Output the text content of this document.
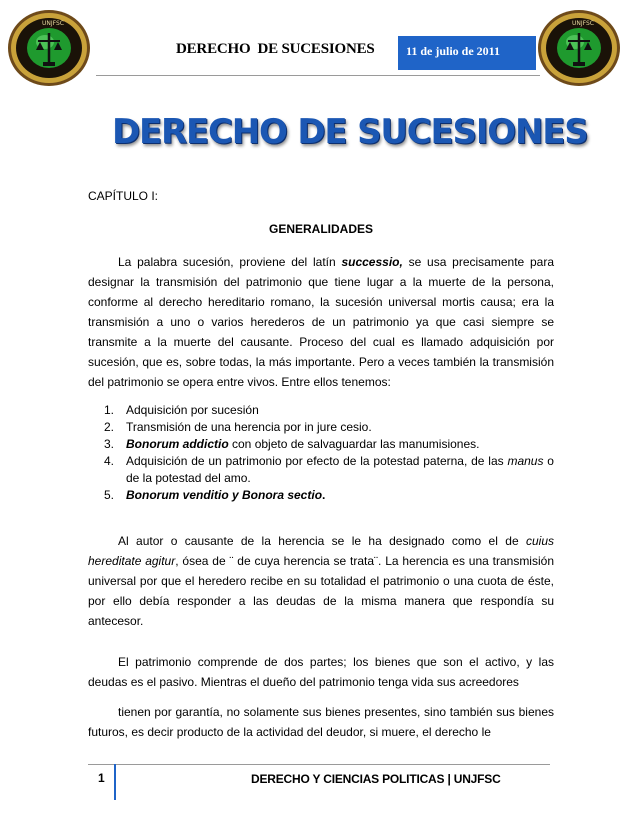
UNJFSC
DERECHO  DE SUCESIONES	11 de julio de 2011
UNJFSC
DERECHO DE SUCESIONES
CAPÍTULO I:
GENERALIDADES

La palabra sucesión, proviene del latín successio, se usa precisamente para designar la transmisión del patrimonio que tiene lugar a la muerte de la persona, conforme al derecho hereditario romano, la sucesión universal mortis causa; era la transmisión a uno o varios herederos de un patrimonio ya que casi siempre se transmite a la muerte del causante. Proceso del cual es llamado adquisición por sucesión, que es, sobre todas, la más importante. Pero a veces también la transmisión del patrimonio se opera entre vivos. Entre ellos tenemos:

1. Adquisición por sucesión
2. Transmisión de una herencia por in jure cesio.
3. Bonorum addictio con objeto de salvaguardar las manumisiones.
4. Adquisición de un patrimonio por efecto de la potestad paterna, de las manus o de la potestad del amo.
5. Bonorum venditio y Bonora sectio.

Al autor o causante de la herencia se le ha designado como el de cuius hereditate agitur, ósea de ¨ de cuya herencia se trata¨. La herencia es una transmisión universal por que el heredero recibe en su totalidad el patrimonio o una cuota de éste, por ello debía responder a las deudas de la misma manera que respondía su antecesor.

El patrimonio comprende de dos partes; los bienes que son el activo, y las deudas es el pasivo. Mientras el dueño del patrimonio tenga vida sus acreedores

tienen por garantía, no solamente sus bienes presentes, sino también sus bienes futuros, es decir producto de la actividad del deudor, si muere, el derecho le

1	DERECHO Y CIENCIAS POLITICAS | UNJFSC
